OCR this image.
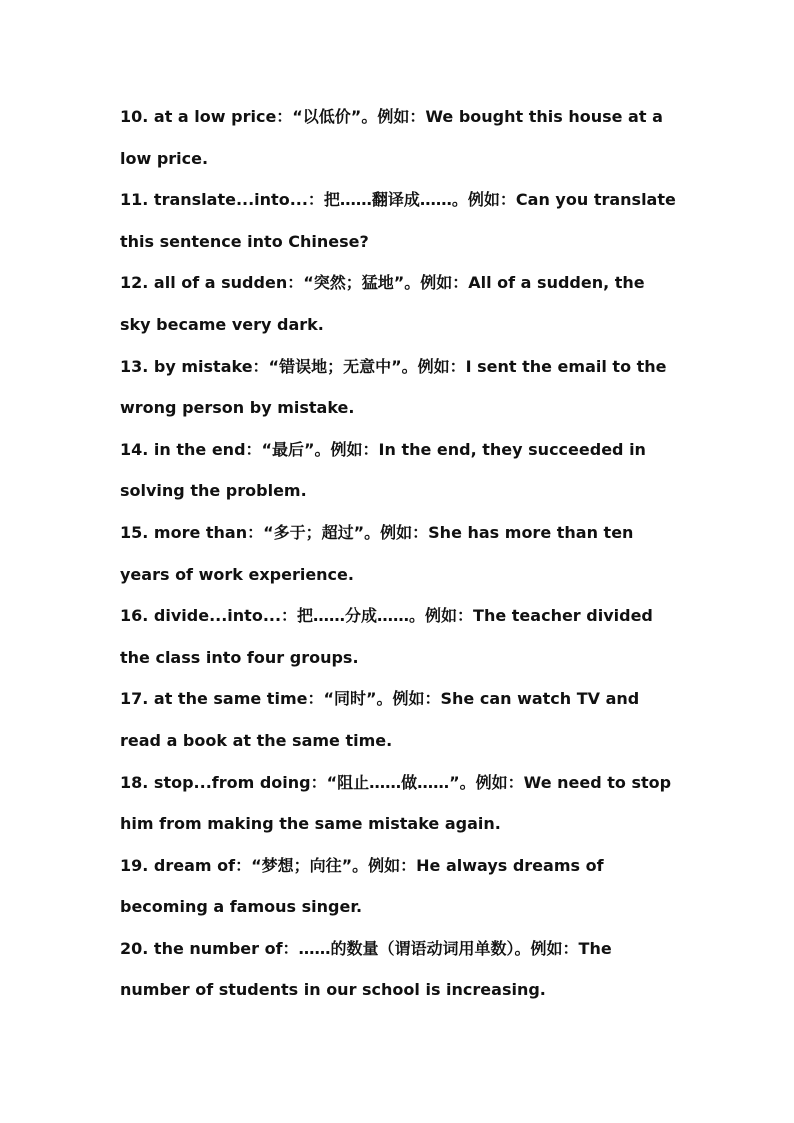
10. at a low price：“以低价”。例如：We bought this house at a low price.

11. translate...into...：把……翻译成……。例如：Can you translate this sentence into Chinese?

12. all of a sudden：“突然；猛地”。例如：All of a sudden, the sky became very dark.

13. by mistake：“错误地；无意中”。例如：I sent the email to the wrong person by mistake.

14. in the end：“最后”。例如：In the end, they succeeded in solving the problem.

15. more than：“多于；超过”。例如：She has more than ten years of work experience.

16. divide...into...：把……分成……。例如：The teacher divided the class into four groups.

17. at the same time：“同时”。例如：She can watch TV and read a book at the same time.

18. stop...from doing：“阻止……做……”。例如：We need to stop him from making the same mistake again.

19. dream of：“梦想；向往”。例如：He always dreams of becoming a famous singer.

20. the number of：……的数量（谓语动词用单数）。例如：The number of students in our school is increasing.
